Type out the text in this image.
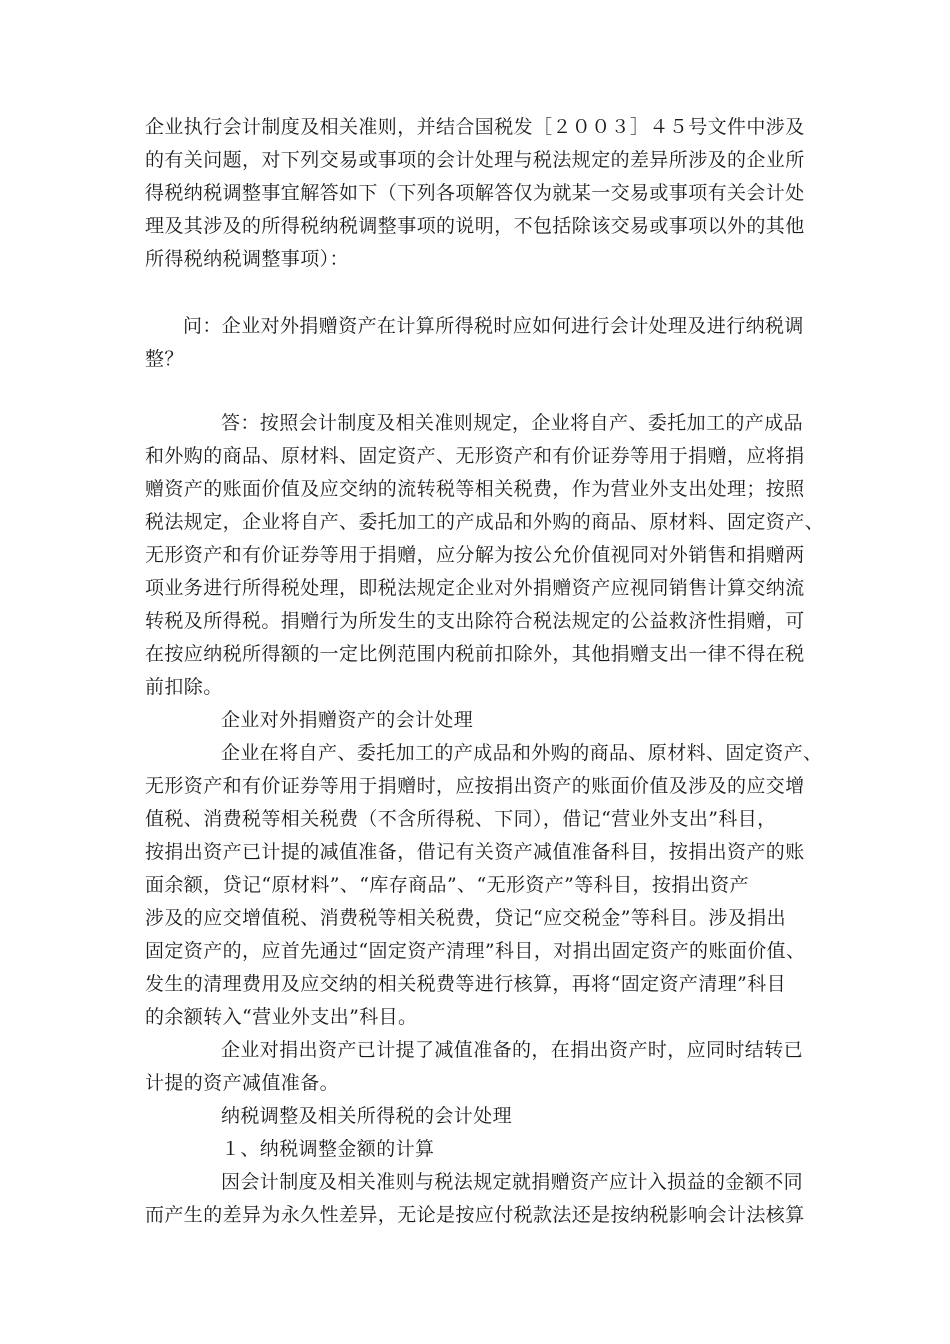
企业执行会计制度及相关准则，并结合国税发［２００３］４５号文件中涉及
的有关问题，对下列交易或事项的会计处理与税法规定的差异所涉及的企业所
得税纳税调整事宜解答如下（下列各项解答仅为就某一交易或事项有关会计处
理及其涉及的所得税纳税调整事项的说明，不包括除该交易或事项以外的其他
所得税纳税调整事项）：
问：企业对外捐赠资产在计算所得税时应如何进行会计处理及进行纳税调
整？
答：按照会计制度及相关准则规定，企业将自产、委托加工的产成品
和外购的商品、原材料、固定资产、无形资产和有价证券等用于捐赠，应将捐
赠资产的账面价值及应交纳的流转税等相关税费，作为营业外支出处理；按照
税法规定，企业将自产、委托加工的产成品和外购的商品、原材料、固定资产、
无形资产和有价证券等用于捐赠，应分解为按公允价值视同对外销售和捐赠两
项业务进行所得税处理，即税法规定企业对外捐赠资产应视同销售计算交纳流
转税及所得税。捐赠行为所发生的支出除符合税法规定的公益救济性捐赠，可
在按应纳税所得额的一定比例范围内税前扣除外，其他捐赠支出一律不得在税
前扣除。
企业对外捐赠资产的会计处理
企业在将自产、委托加工的产成品和外购的商品、原材料、固定资产、
无形资产和有价证券等用于捐赠时，应按捐出资产的账面价值及涉及的应交增
值税、消费税等相关税费（不含所得税、下同），借记“营业外支出”科目，
按捐出资产已计提的减值准备，借记有关资产减值准备科目，按捐出资产的账
面余额，贷记“原材料”、“库存商品”、“无形资产”等科目，按捐出资产
涉及的应交增值税、消费税等相关税费，贷记“应交税金”等科目。涉及捐出
固定资产的，应首先通过“固定资产清理”科目，对捐出固定资产的账面价值、
发生的清理费用及应交纳的相关税费等进行核算，再将“固定资产清理”科目
的余额转入“营业外支出”科目。
企业对捐出资产已计提了减值准备的，在捐出资产时，应同时结转已
计提的资产减值准备。
纳税调整及相关所得税的会计处理
１、纳税调整金额的计算
因会计制度及相关准则与税法规定就捐赠资产应计入损益的金额不同
而产生的差异为永久性差异，无论是按应付税款法还是按纳税影响会计法核算
